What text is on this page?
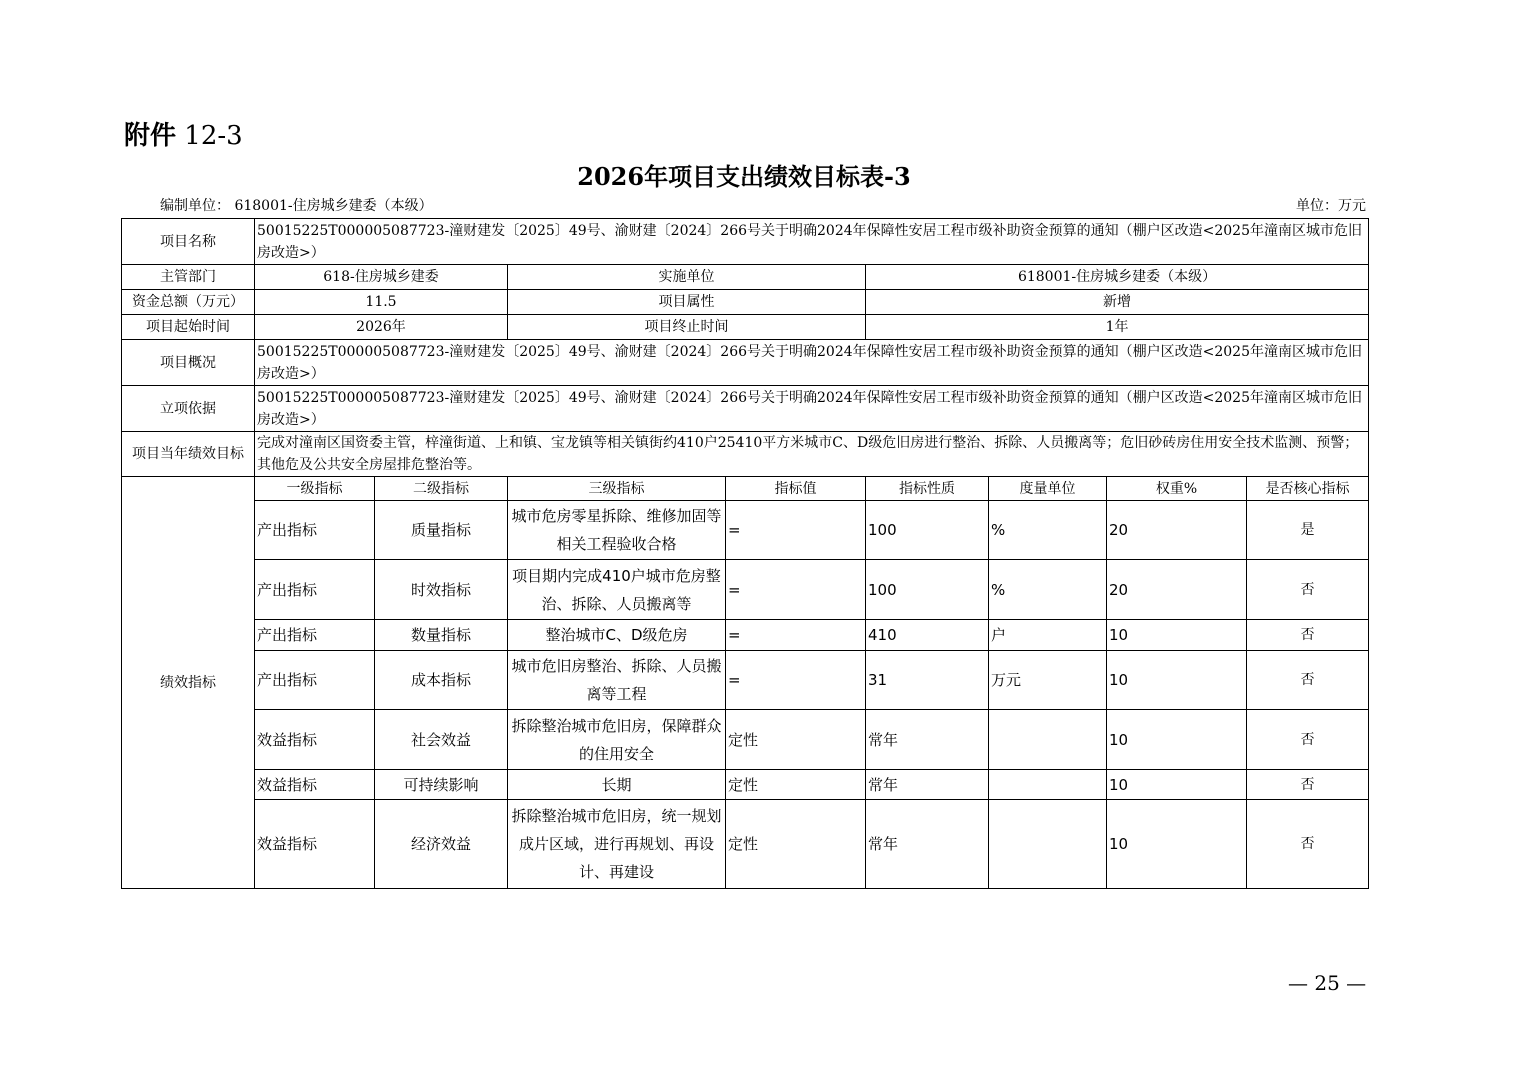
附件 12-3
2026年项目支出绩效目标表-3
编制单位： 618001-住房城乡建委（本级）	单位：万元
项目名称	50015225T000005087723-潼财建发〔2025〕49号、渝财建〔2024〕266号关于明确2024年保障性安居工程市级补助资金预算的通知（棚户区改造<2025年潼南区城市危旧房改造>）							
主管部门	618-住房城乡建委		实施单位		618001-住房城乡建委（本级）			
资金总额（万元）	11.5		项目属性		新增			
项目起始时间	2026年		项目终止时间		1年			
项目概况	50015225T000005087723-潼财建发〔2025〕49号、渝财建〔2024〕266号关于明确2024年保障性安居工程市级补助资金预算的通知（棚户区改造<2025年潼南区城市危旧房改造>）							
立项依据	50015225T000005087723-潼财建发〔2025〕49号、渝财建〔2024〕266号关于明确2024年保障性安居工程市级补助资金预算的通知（棚户区改造<2025年潼南区城市危旧房改造>）							
项目当年绩效目标	完成对潼南区国资委主管，梓潼街道、上和镇、宝龙镇等相关镇街约410户25410平方米城市C、D级危旧房进行整治、拆除、人员搬离等；危旧砂砖房住用安全技术监测、预警；其他危及公共安全房屋排危整治等。							
绩效指标	一级指标	二级指标	三级指标	指标值	指标性质	度量单位	权重%	是否核心指标
	产出指标	质量指标	城市危房零星拆除、维修加固等相关工程验收合格	=	100	%	20	是
	产出指标	时效指标	项目期内完成410户城市危房整治、拆除、人员搬离等	=	100	%	20	否
	产出指标	数量指标	整治城市C、D级危房	=	410	户	10	否
	产出指标	成本指标	城市危旧房整治、拆除、人员搬离等工程	=	31	万元	10	否
	效益指标	社会效益	拆除整治城市危旧房，保障群众的住用安全	定性	常年		10	否
	效益指标	可持续影响	长期	定性	常年		10	否
	效益指标	经济效益	拆除整治城市危旧房，统一规划成片区域，进行再规划、再设计、再建设	定性	常年		10	否
— 25 —
